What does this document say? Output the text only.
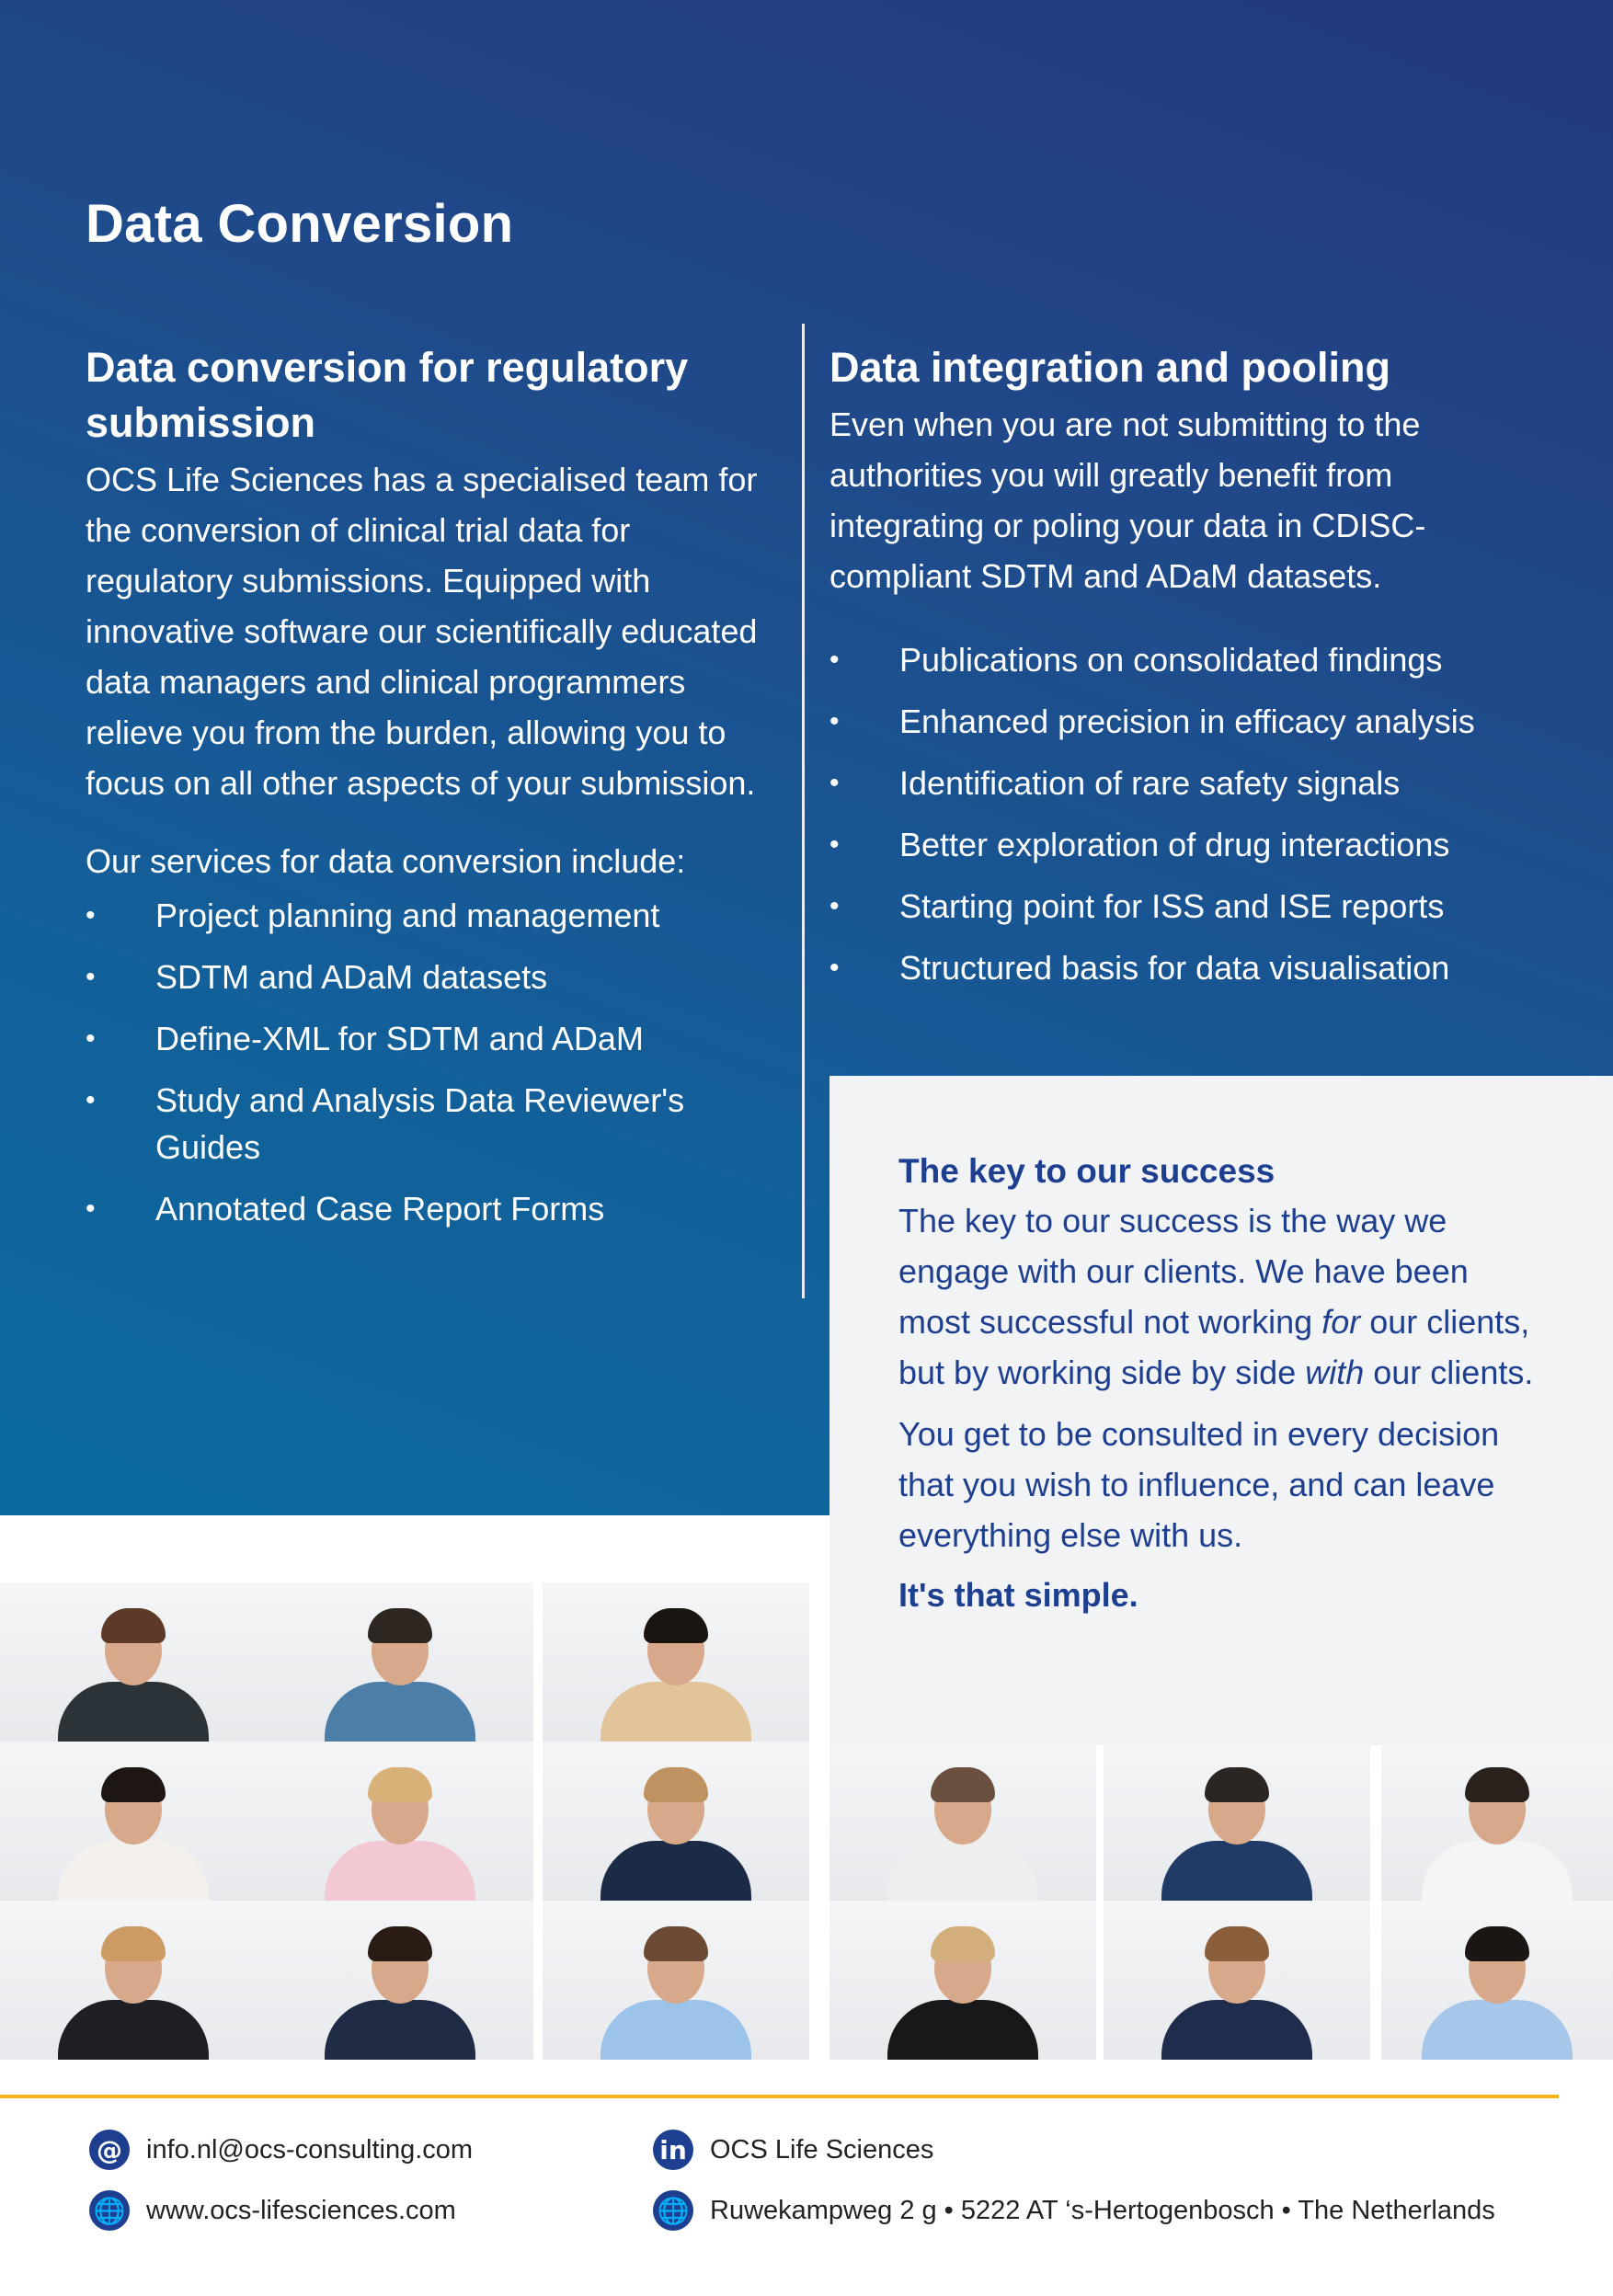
Data Conversion
Data conversion for regulatory submission

OCS Life Sciences has a specialised team for the conversion of clinical trial data for regulatory submissions. Equipped with innovative software our scientifically educated data managers and clinical programmers relieve you from the burden, allowing you to focus on all other aspects of your submission.

Our services for data conversion include:

• Project planning and management
• SDTM and ADaM datasets
• Define-XML for SDTM and ADaM
• Study and Analysis Data Reviewer's Guides
• Annotated Case Report Forms
Data integration and pooling

Even when you are not submitting to the authorities you will greatly benefit from integrating or poling your data in CDISC-compliant SDTM and ADaM datasets.

• Publications on consolidated findings
• Enhanced precision in efficacy analysis
• Identification of rare safety signals
• Better exploration of drug interactions
• Starting point for ISS and ISE reports
• Structured basis for data visualisation
The key to our success

The key to our success is the way we engage with our clients. We have been most successful not working for our clients, but by working side by side with our clients.

You get to be consulted in every decision that you wish to influence, and can leave everything else with us.

It's that simple.

@ info.nl@ocs-consulting.com
🌐 www.ocs-lifesciences.com
in OCS Life Sciences
🌐 Ruwekampweg 2 g • 5222 AT ‘s-Hertogenbosch • The Netherlands
